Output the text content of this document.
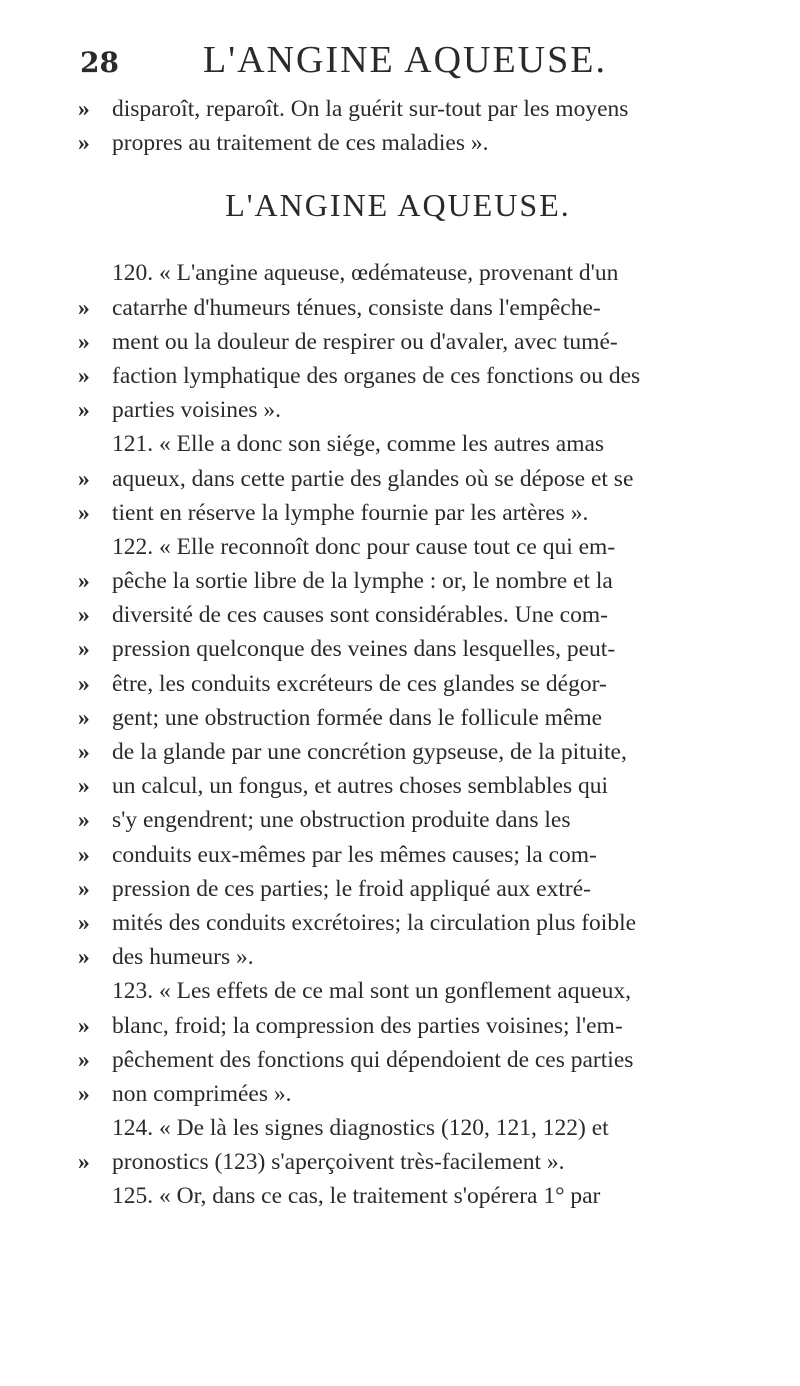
28	L'ANGINE AQUEUSE.
» disparoît, reparoît. On la guérit sur-tout par les moyens
» propres au traitement de ces maladies ».
L'ANGINE AQUEUSE.
120. « L'angine aqueuse, œdémateuse, provenant d'un
» catarrhe d'humeurs ténues, consiste dans l'empêche-
» ment ou la douleur de respirer ou d'avaler, avec tumé-
» faction lymphatique des organes de ces fonctions ou des
» parties voisines ».
121. « Elle a donc son siége, comme les autres amas
» aqueux, dans cette partie des glandes où se dépose et se
» tient en réserve la lymphe fournie par les artères ».
122. « Elle reconnoît donc pour cause tout ce qui em-
» pêche la sortie libre de la lymphe : or, le nombre et la
» diversité de ces causes sont considérables. Une com-
» pression quelconque des veines dans lesquelles, peut-
» être, les conduits excréteurs de ces glandes se dégor-
» gent; une obstruction formée dans le follicule même
» de la glande par une concrétion gypseuse, de la pituite,
» un calcul, un fongus, et autres choses semblables qui
» s'y engendrent; une obstruction produite dans les
» conduits eux-mêmes par les mêmes causes; la com-
» pression de ces parties; le froid appliqué aux extré-
» mités des conduits excrétoires; la circulation plus foible
» des humeurs ».
123. « Les effets de ce mal sont un gonflement aqueux,
» blanc, froid; la compression des parties voisines; l'em-
» pêchement des fonctions qui dépendoient de ces parties
» non comprimées ».
124. « De là les signes diagnostics (120, 121, 122) et
» pronostics (123) s'aperçoivent très-facilement ».
125. « Or, dans ce cas, le traitement s'opérera 1° par
